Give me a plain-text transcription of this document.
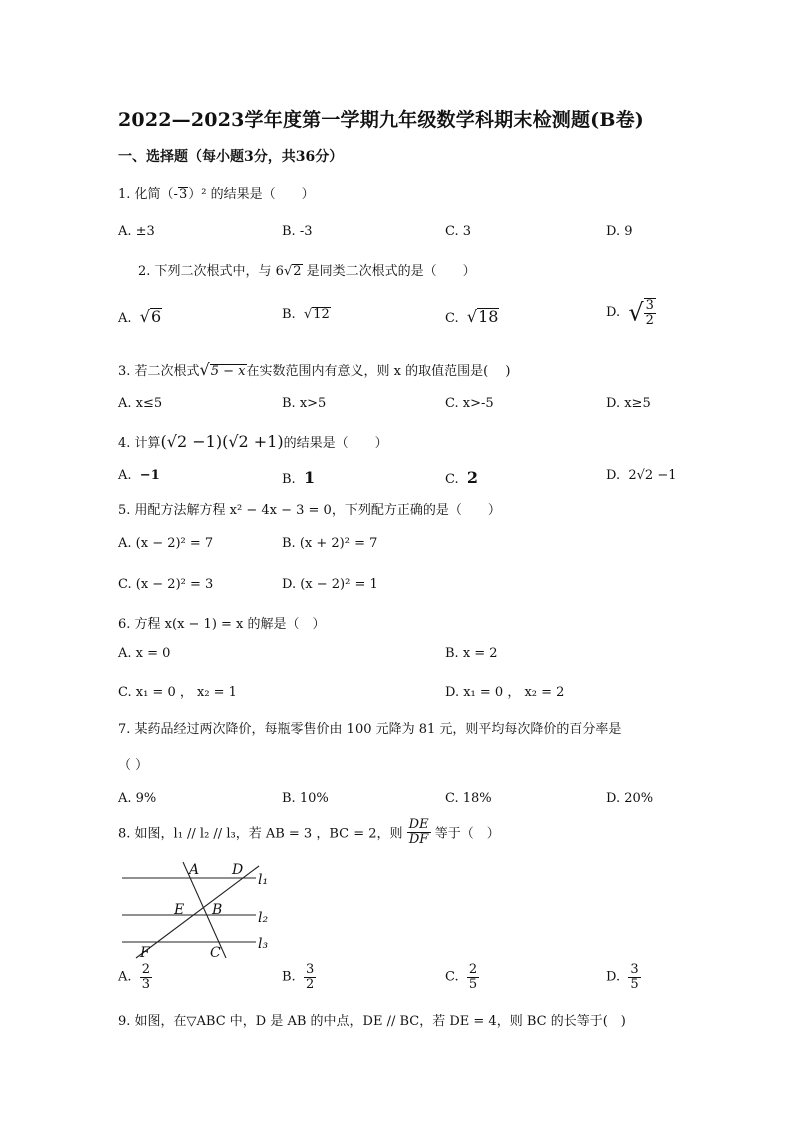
2022—2023学年度第一学期九年级数学科期末检测题(B卷)
一、选择题（每小题3分，共36分）
1. 化简（-3）² 的结果是（　　）
A. ±3	B. -3	C. 3	D. 9
2. 下列二次根式中，与 6√2 是同类二次根式的是（　　）
A. √6	B.  √12	C. √18	D. √ $\frac{3}{2}$
3. 若二次根式√5 − x在实数范围内有意义，则 x 的取值范围是(　 )
A. x≤5	B. x>5	C. x>-5	D. x≥5
4. 计算(√2 −1)(√2 +1)的结果是（　　）
A. −1	B. 1	C. 2	D. 2√2 −1
5. 用配方法解方程 x² − 4x − 3 = 0，下列配方正确的是（　　）
A. (x − 2)² = 7	B. (x + 2)² = 7
C. (x − 2)² = 3	D. (x − 2)² = 1
6. 方程 x(x − 1) = x 的解是（　）
A. x = 0	B. x = 2
C. x₁ = 0 ， x₂ = 1	D. x₁ = 0 ， x₂ = 2
7. 某药品经过两次降价，每瓶零售价由 100 元降为 81 元，则平均每次降价的百分率是
（ ）
A. 9%	B. 10%	C. 18%	D. 20%
8. 如图，l₁ // l₂ // l₃，若 AB = 3 ，BC = 2，则 $\frac{DE}{DF}$ 等于（　）
A D
E B
F	C
l₁
l₂
l₃
A. $\frac{2}{3}$	B. $\frac{3}{2}$	C. $\frac{2}{5}$	D. $\frac{3}{5}$
9. 如图，在▽ABC 中，D 是 AB 的中点，DE // BC，若 DE = 4，则 BC 的长等于(　)
